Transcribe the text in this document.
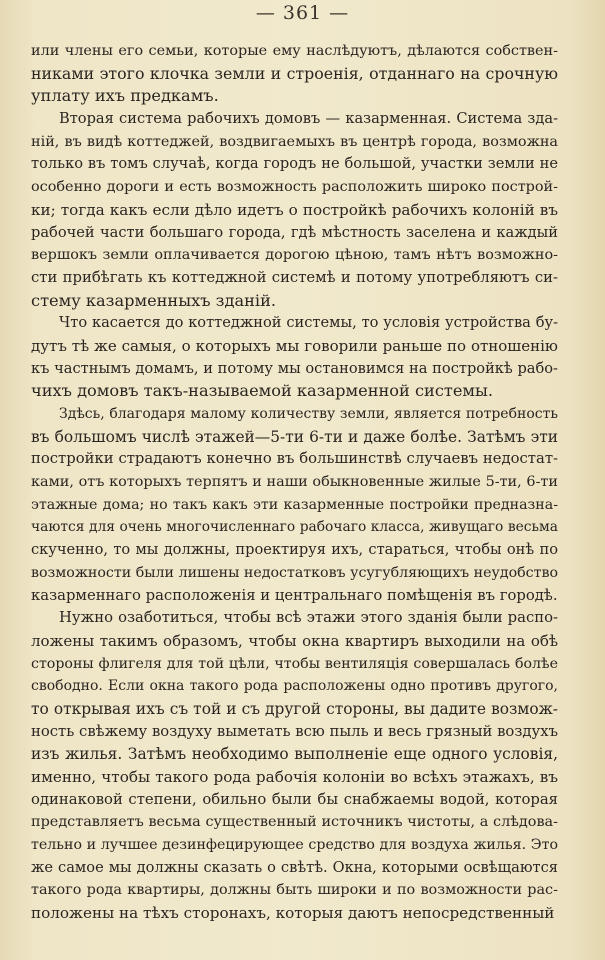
— 361 —
или члены его семьи, которые ему наслѣдуютъ, дѣлаются собствен-
никами этого клочка земли и строенія, отданнаго на срочную
уплату ихъ предкамъ.
Вторая система рабочихъ домовъ — казарменная. Система зда-
ній, въ видѣ коттеджей, воздвигаемыхъ въ центрѣ города, возможна
только въ томъ случаѣ, когда городъ не большой, участки земли не
особенно дороги и есть возможность расположить широко построй-
ки; тогда какъ если дѣло идетъ о постройкѣ рабочихъ колоній въ
рабочей части большаго города, гдѣ мѣстность заселена и каждый
вершокъ земли оплачивается дорогою цѣною, тамъ нѣтъ возможно-
сти прибѣгать къ коттеджной системѣ и потому употребляютъ си-
стему казарменныхъ зданій.
Что касается до коттеджной системы, то условія устройства бу-
дутъ тѣ же самыя, о которыхъ мы говорили раньше по отношенію
къ частнымъ домамъ, и потому мы остановимся на постройкѣ рабо-
чихъ домовъ такъ-называемой казарменной системы.
Здѣсь, благодаря малому количеству земли, является потребность
въ большомъ числѣ этажей—5-ти 6-ти и даже болѣе. Затѣмъ эти
постройки страдаютъ конечно въ большинствѣ случаевъ недостат-
ками, отъ которыхъ терпятъ и наши обыкновенные жилые 5-ти, 6-ти
этажные дома; но такъ какъ эти казарменные постройки предназна-
чаются для очень многочисленнаго рабочаго класса, живущаго весьма
скученно, то мы должны, проектируя ихъ, стараться, чтобы онѣ по
возможности были лишены недостатковъ усугубляющихъ неудобство
казарменнаго расположенія и центральнаго помѣщенія въ городѣ.
Нужно озаботиться, чтобы всѣ этажи этого зданія были распо-
ложены такимъ образомъ, чтобы окна квартиръ выходили на обѣ
стороны флигеля для той цѣли, чтобы вентиляція совершалась болѣе
свободно. Если окна такого рода расположены одно противъ другого,
то открывая ихъ съ той и съ другой стороны, вы дадите возмож-
ность свѣжему воздуху выметать всю пыль и весь грязный воздухъ
изъ жилья. Затѣмъ необходимо выполненіе еще одного условія,
именно, чтобы такого рода рабочія колоніи во всѣхъ этажахъ, въ
одинаковой степени, обильно были бы снабжаемы водой, которая
представляетъ весьма существенный источникъ чистоты, а слѣдова-
тельно и лучшее дезинфецирующее средство для воздуха жилья. Это
же самое мы должны сказать о свѣтѣ. Окна, которыми освѣщаются
такого рода квартиры, должны быть широки и по возможности рас-
положены на тѣхъ сторонахъ, которыя даютъ непосредственный
